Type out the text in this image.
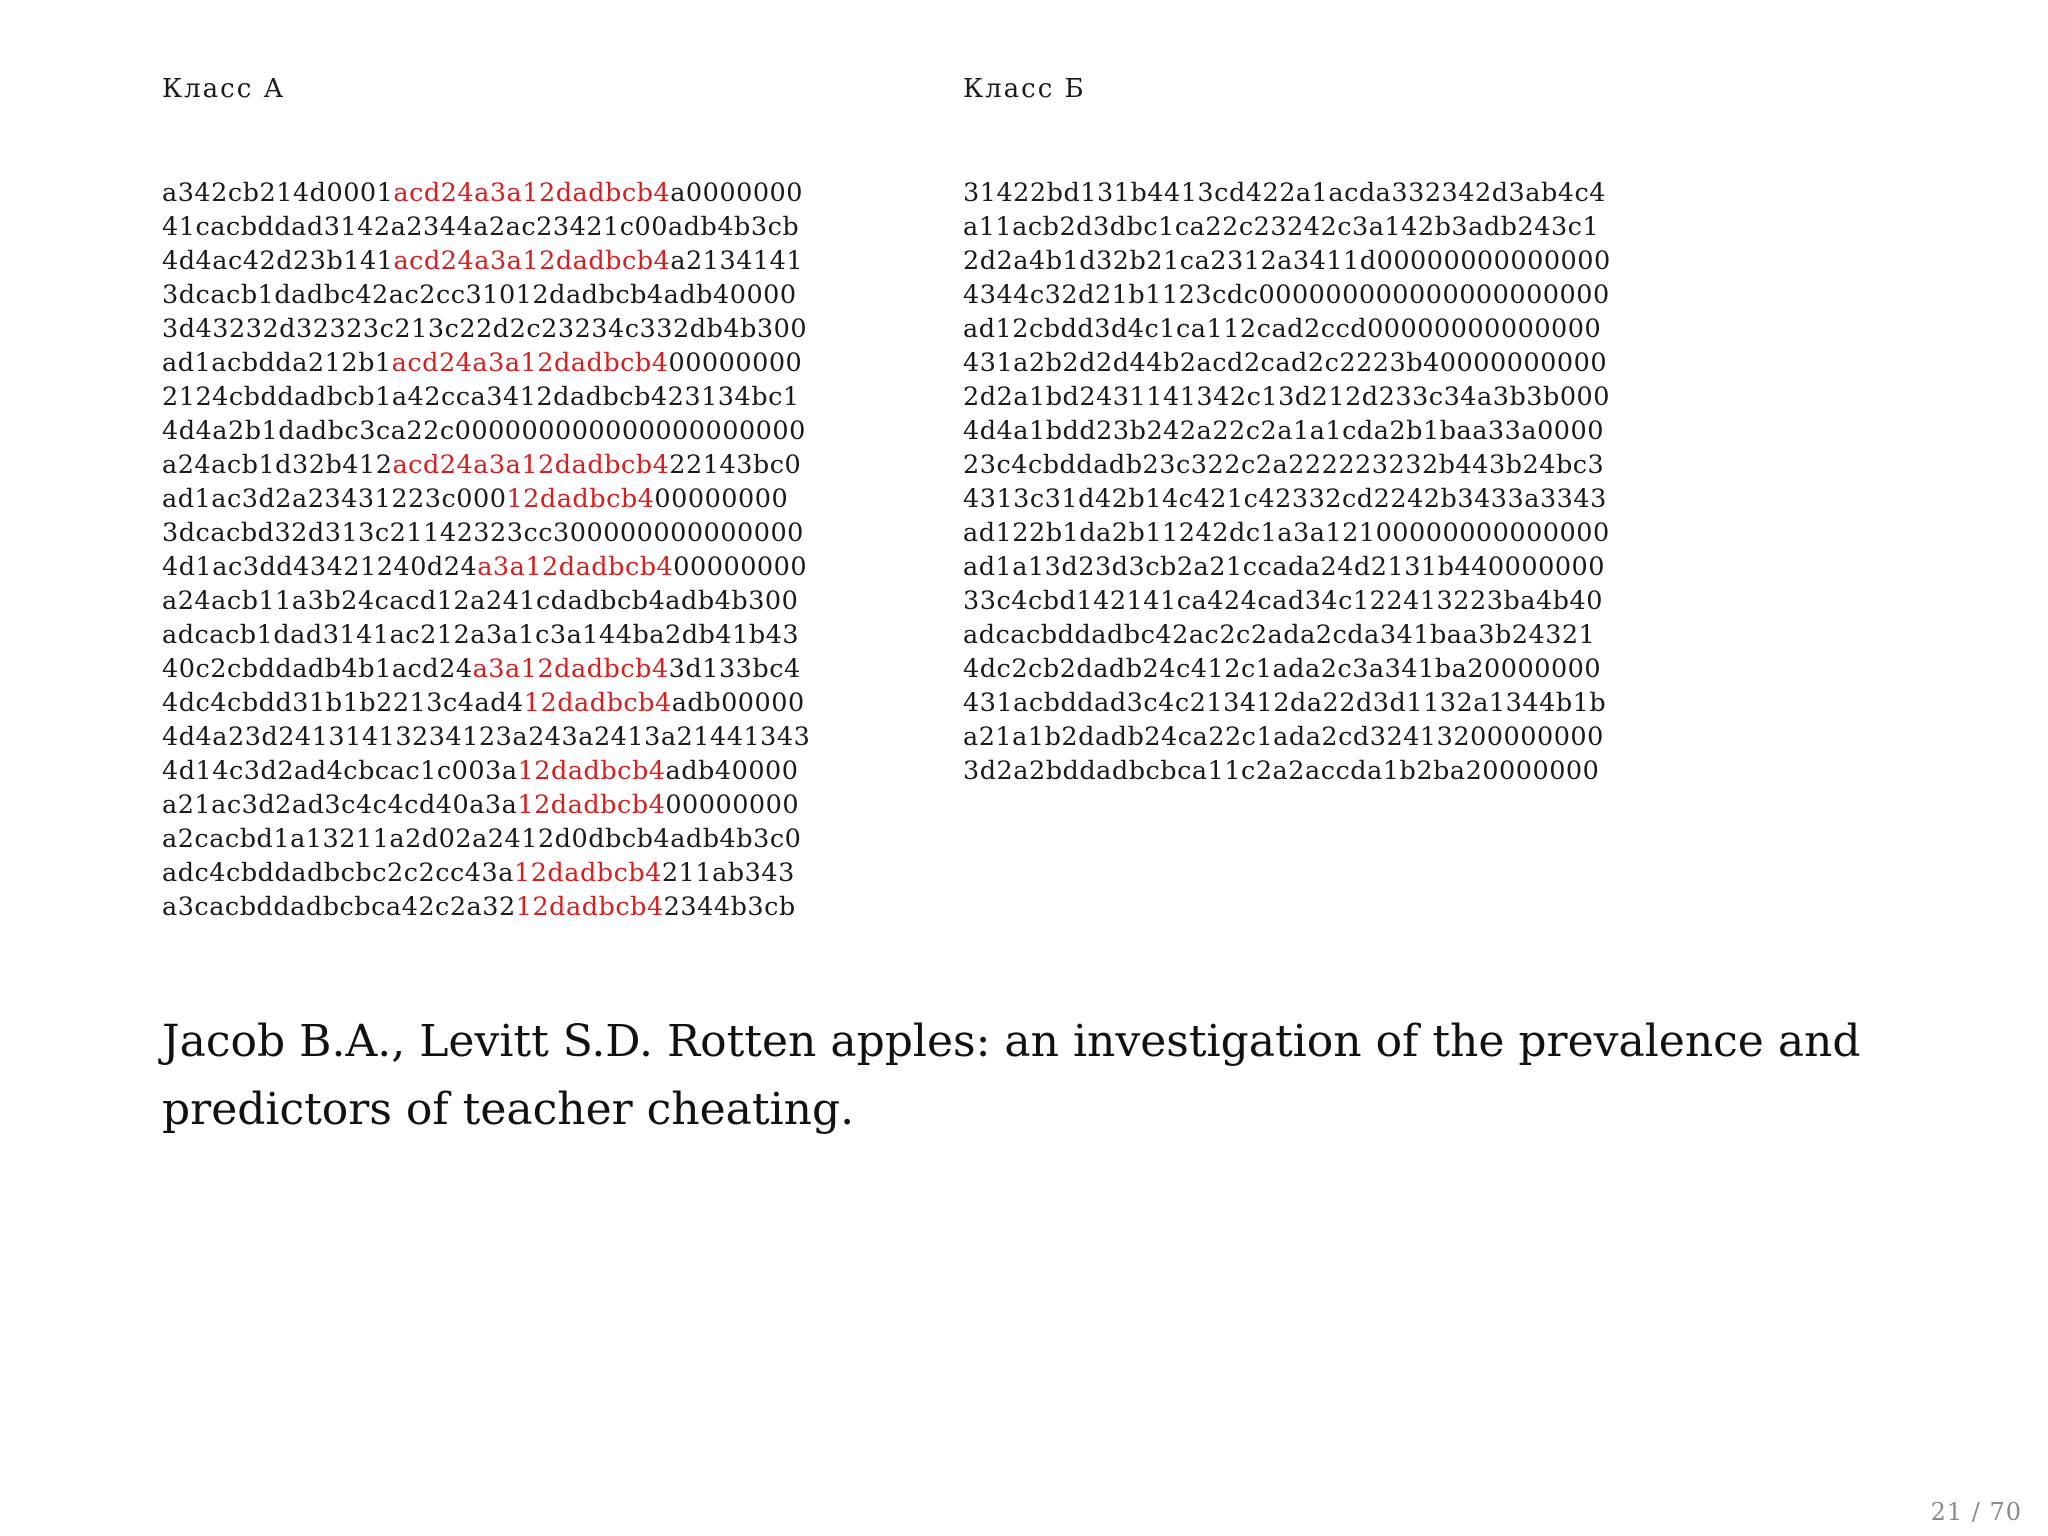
Класс А	Класс Б
a342cb214d0001acd24a3a12dadbcb4a0000000
41cacbddad3142a2344a2ac23421c00adb4b3cb
4d4ac42d23b141acd24a3a12dadbcb4a2134141
3dcacb1dadbc42ac2cc31012dadbcb4adb40000
3d43232d32323c213c22d2c23234c332db4b300
ad1acbdda212b1acd24a3a12dadbcb400000000
2124cbddadbcb1a42cca3412dadbcb423134bc1
4d4a2b1dadbc3ca22c000000000000000000000
a24acb1d32b412acd24a3a12dadbcb422143bc0
ad1ac3d2a23431223c00012dadbcb400000000
3dcacbd32d313c21142323cc300000000000000
4d1ac3dd43421240d24a3a12dadbcb400000000
a24acb11a3b24cacd12a241cdadbcb4adb4b300
adcacb1dad3141ac212a3a1c3a144ba2db41b43
40c2cbddadb4b1acd24a3a12dadbcb43d133bc4
4dc4cbdd31b1b2213c4ad412dadbcb4adb00000
4d4a23d24131413234123a243a2413a21441343
4d14c3d2ad4cbcac1c003a12dadbcb4adb40000
a21ac3d2ad3c4c4cd40a3a12dadbcb400000000
a2cacbd1a13211a2d02a2412d0dbcb4adb4b3c0
adc4cbddadbcbc2c2cc43a12dadbcb4211ab343
a3cacbddadbcbca42c2a3212dadbcb42344b3cb
31422bd131b4413cd422a1acda332342d3ab4c4
a11acb2d3dbc1ca22c23242c3a142b3adb243c1
2d2a4b1d32b21ca2312a3411d00000000000000
4344c32d21b1123cdc000000000000000000000
ad12cbdd3d4c1ca112cad2ccd00000000000000
431a2b2d2d44b2acd2cad2c2223b40000000000
2d2a1bd2431141342c13d212d233c34a3b3b000
4d4a1bdd23b242a22c2a1a1cda2b1baa33a0000
23c4cbddadb23c322c2a222223232b443b24bc3
4313c31d42b14c421c42332cd2242b3433a3343
ad122b1da2b11242dc1a3a12100000000000000
ad1a13d23d3cb2a21ccada24d2131b440000000
33c4cbd142141ca424cad34c122413223ba4b40
adcacbddadbc42ac2c2ada2cda341baa3b24321
4dc2cb2dadb24c412c1ada2c3a341ba20000000
431acbddad3c4c213412da22d3d1132a1344b1b
a21a1b2dadb24ca22c1ada2cd32413200000000
3d2a2bddadbcbca11c2a2accda1b2ba20000000
Jacob B.A., Levitt S.D. Rotten apples: an investigation of the prevalence and predictors of teacher cheating.
21 / 70
